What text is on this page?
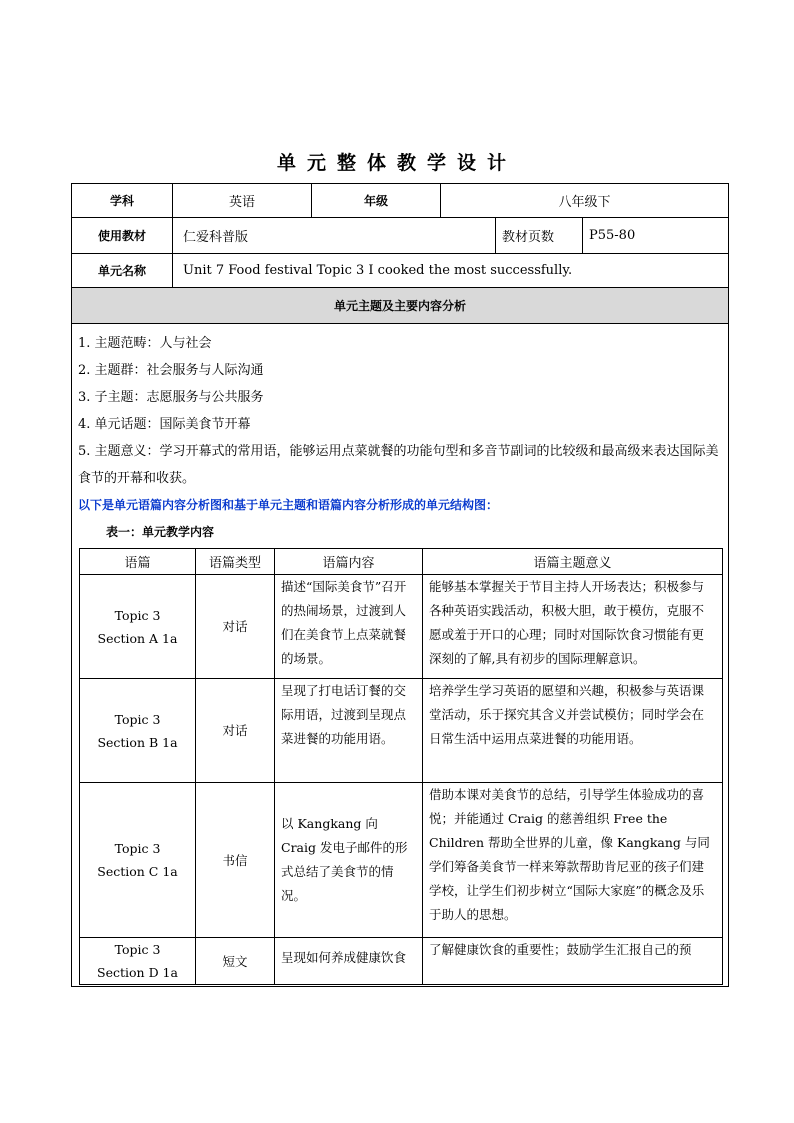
单元整体教学设计
学科	英语	年级	八年级下
使用教材	仁爱科普版	教材页数	P55-80
单元名称	Unit 7 Food festival Topic 3 I cooked the most successfully.
单元主题及主要内容分析
1. 主题范畴：人与社会
2. 主题群：社会服务与人际沟通
3. 子主题：志愿服务与公共服务
4. 单元话题：国际美食节开幕
5. 主题意义：学习开幕式的常用语，能够运用点菜就餐的功能句型和多音节副词的比较级和最高级来表达国际美食节的开幕和收获。
以下是单元语篇内容分析图和基于单元主题和语篇内容分析形成的单元结构图：
表一：单元教学内容
语篇	语篇类型	语篇内容	语篇主题意义
Topic 3
Section A 1a	对话	描述“国际美食节”召开的热闹场景，过渡到人们在美食节上点菜就餐的场景。	能够基本掌握关于节目主持人开场表达；积极参与各种英语实践活动，积极大胆，敢于模仿，克服不愿或羞于开口的心理；同时对国际饮食习惯能有更深刻的了解,具有初步的国际理解意识。
Topic 3
Section B 1a	对话	呈现了打电话订餐的交际用语，过渡到呈现点菜进餐的功能用语。	培养学生学习英语的愿望和兴趣，积极参与英语课堂活动，乐于探究其含义并尝试模仿；同时学会在日常生活中运用点菜进餐的功能用语。
Topic 3
Section C 1a	书信	以 Kangkang 向 Craig 发电子邮件的形式总结了美食节的情况。	借助本课对美食节的总结，引导学生体验成功的喜悦；并能通过 Craig 的慈善组织 Free the Children 帮助全世界的儿童，像 Kangkang 与同学们筹备美食节一样来筹款帮助肯尼亚的孩子们建学校，让学生们初步树立“国际大家庭”的概念及乐于助人的思想。
Topic 3
Section D 1a	短文	呈现如何养成健康饮食	了解健康饮食的重要性；鼓励学生汇报自己的预
